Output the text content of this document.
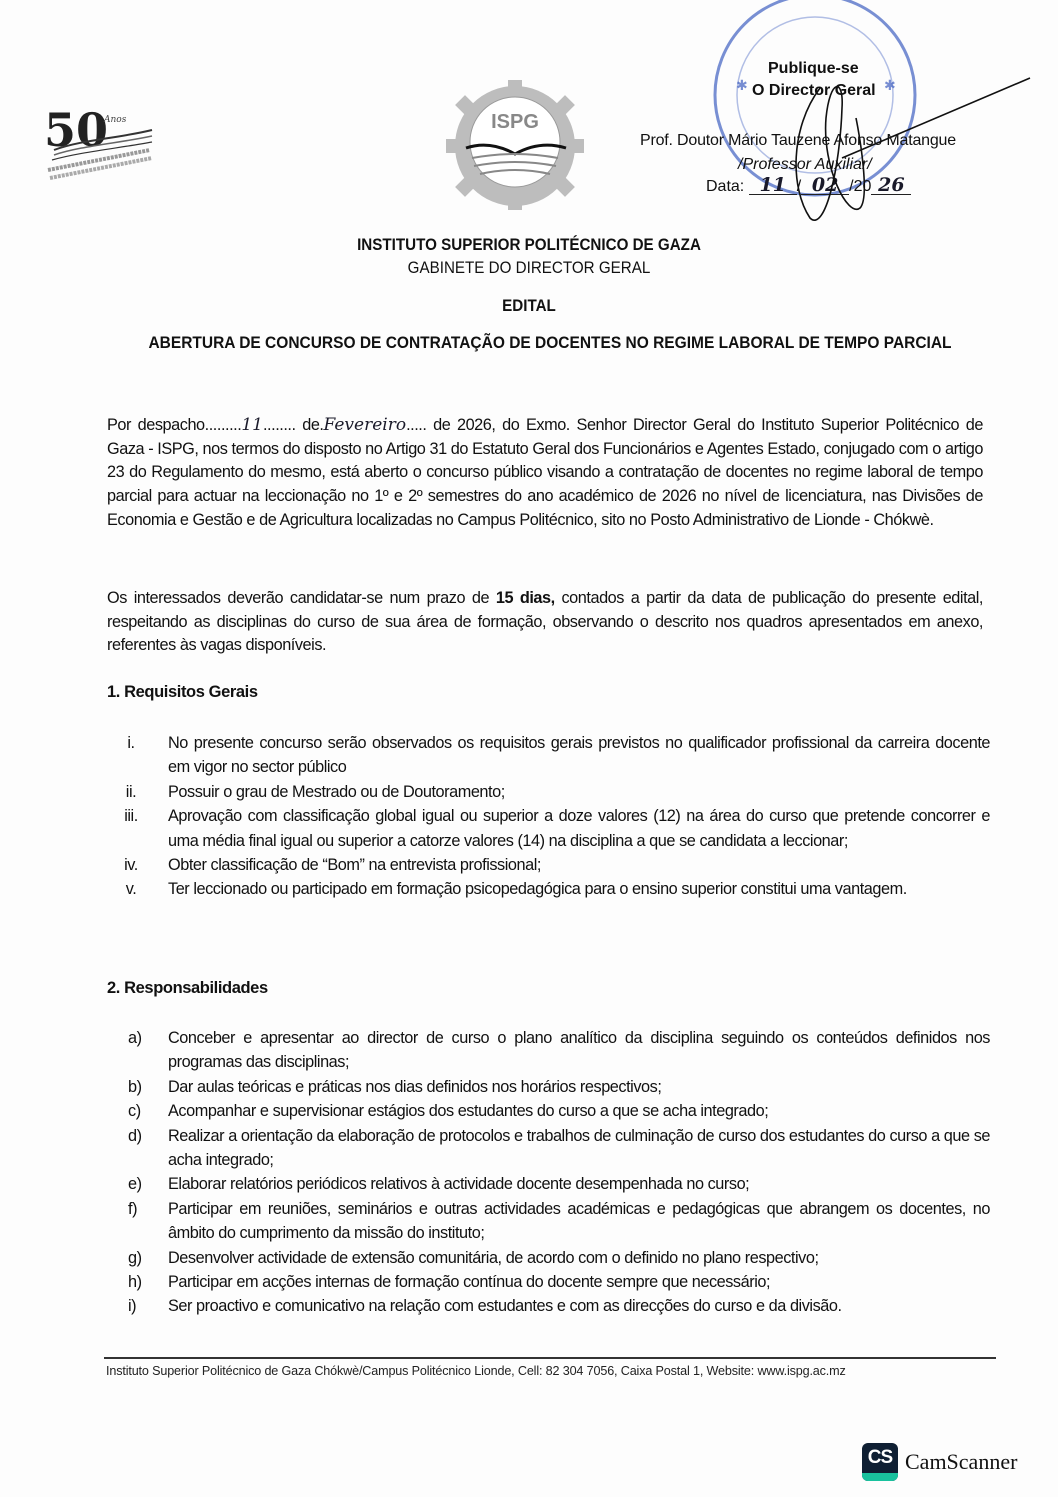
50
Anos	ISPG
✱	✱
Publique-se
O Director Geral
Prof. Doutor Mário Tauzene Afonso Matangue
/Professor Auxiliar/
Data: 11 / 02 /20 26
INSTITUTO SUPERIOR POLITÉCNICO DE GAZA
GABINETE DO DIRECTOR GERAL
EDITAL
ABERTURA DE CONCURSO DE CONTRATAÇÃO DE DOCENTES NO REGIME LABORAL DE TEMPO PARCIAL
Por despacho.........11........ de.Fevereiro..... de 2026, do Exmo. Senhor Director Geral do Instituto Superior Politécnico de Gaza - ISPG, nos termos do disposto no Artigo 31 do Estatuto Geral dos Funcionários e Agentes Estado, conjugado com o artigo 23 do Regulamento do mesmo, está aberto o concurso público visando a contratação de docentes no regime laboral de tempo parcial para actuar na leccionação no 1º e 2º semestres do ano académico de 2026 no nível de licenciatura, nas Divisões de Economia e Gestão e de Agricultura localizadas no Campus Politécnico, sito no Posto Administrativo de Lionde - Chókwè.
Os interessados deverão candidatar-se num prazo de 15 dias, contados a partir da data de publicação do presente edital, respeitando as disciplinas do curso de sua área de formação, observando o descrito nos quadros apresentados em anexo, referentes às vagas disponíveis.
1. Requisitos Gerais
i.	No presente concurso serão observados os requisitos gerais previstos no qualificador profissional da carreira docente em vigor no sector público
ii.	Possuir o grau de Mestrado ou de Doutoramento;
iii. Aprovação com classificação global igual ou superior a doze valores (12) na área do curso que pretende concorrer e uma média final igual ou superior a catorze valores (14) na disciplina a que se candidata a leccionar;
iv. Obter classificação de “Bom” na entrevista profissional;
v.	Ter leccionado ou participado em formação psicopedagógica para o ensino superior constitui uma vantagem.
2. Responsabilidades
a) Conceber e apresentar ao director de curso o plano analítico da disciplina seguindo os conteúdos definidos nos programas das disciplinas;
b) Dar aulas teóricas e práticas nos dias definidos nos horários respectivos;
c) Acompanhar e supervisionar estágios dos estudantes do curso a que se acha integrado;
d) Realizar a orientação da elaboração de protocolos e trabalhos de culminação de curso dos estudantes do curso a que se acha integrado;
e) Elaborar relatórios periódicos relativos à actividade docente desempenhada no curso;
f) Participar em reuniões, seminários e outras actividades académicas e pedagógicas que abrangem os docentes, no âmbito do cumprimento da missão do instituto;
g) Desenvolver actividade de extensão comunitária, de acordo com o definido no plano respectivo;
h) Participar em acções internas de formação contínua do docente sempre que necessário;
i) Ser proactivo e comunicativo na relação com estudantes e com as direcções do curso e da divisão.
Instituto Superior Politécnico de Gaza Chókwè/Campus Politécnico Lionde, Cell: 82 304 7056, Caixa Postal 1, Website: www.ispg.ac.mz
CS CamScanner
